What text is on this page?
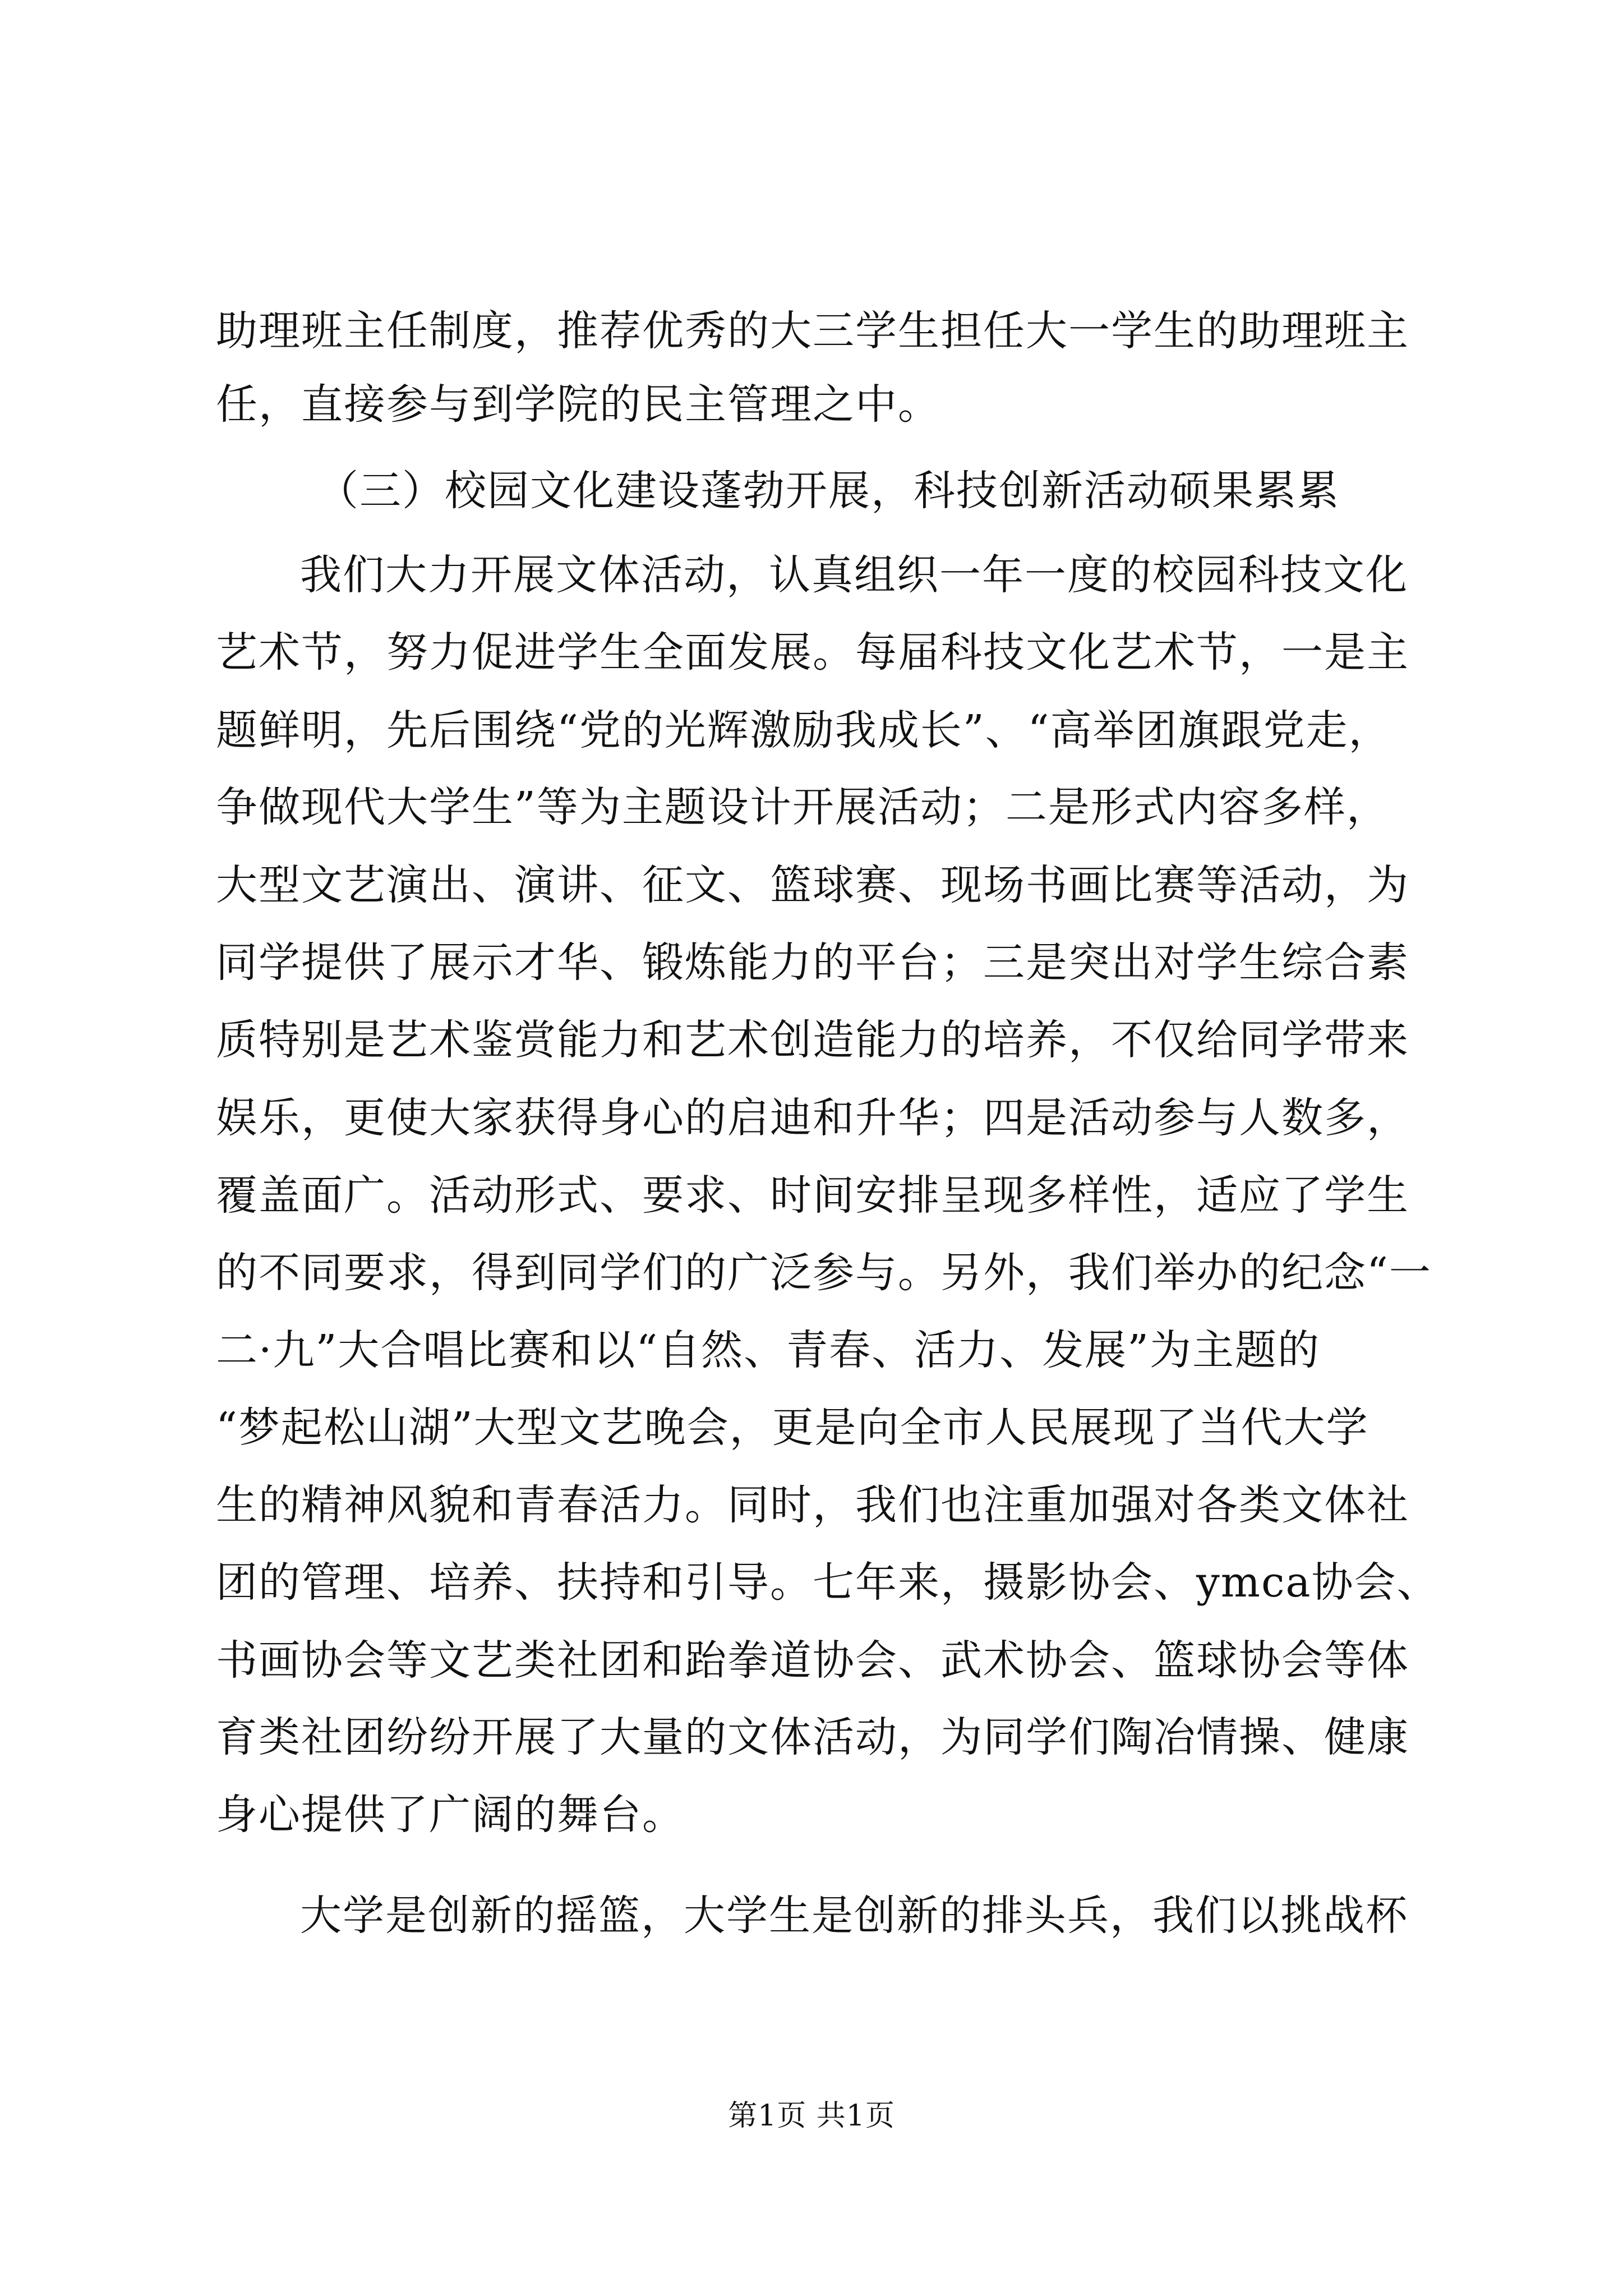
助理班主任制度，推荐优秀的大三学生担任大一学生的助理班主
任，直接参与到学院的民主管理之中。
（三）校园文化建设蓬勃开展，科技创新活动硕果累累
我们大力开展文体活动，认真组织一年一度的校园科技文化
艺术节，努力促进学生全面发展。每届科技文化艺术节，一是主
题鲜明，先后围绕“党的光辉激励我成长”、“高举团旗跟党走，
争做现代大学生”等为主题设计开展活动；二是形式内容多样，
大型文艺演出、演讲、征文、篮球赛、现场书画比赛等活动，为
同学提供了展示才华、锻炼能力的平台；三是突出对学生综合素
质特别是艺术鉴赏能力和艺术创造能力的培养，不仅给同学带来
娱乐，更使大家获得身心的启迪和升华；四是活动参与人数多，
覆盖面广。活动形式、要求、时间安排呈现多样性，适应了学生
的不同要求，得到同学们的广泛参与。另外，我们举办的纪念“一
二·九”大合唱比赛和以“自然、青春、活力、发展”为主题的
“梦起松山湖”大型文艺晚会，更是向全市人民展现了当代大学
生的精神风貌和青春活力。同时，我们也注重加强对各类文体社
团的管理、培养、扶持和引导。七年来，摄影协会、ymca协会、
书画协会等文艺类社团和跆拳道协会、武术协会、篮球协会等体
育类社团纷纷开展了大量的文体活动，为同学们陶冶情操、健康
身心提供了广阔的舞台。
大学是创新的摇篮，大学生是创新的排头兵，我们以挑战杯
第1页 共1页
